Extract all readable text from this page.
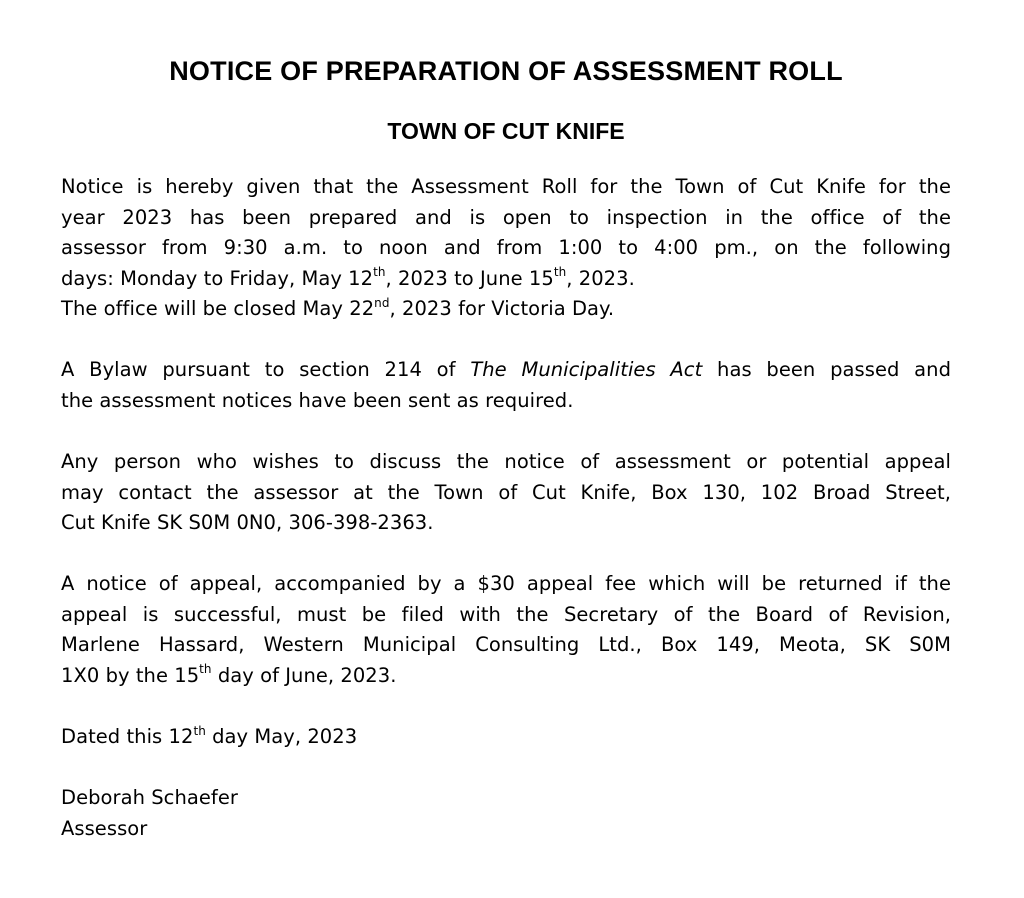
NOTICE OF PREPARATION OF ASSESSMENT ROLL
TOWN OF CUT KNIFE
Notice is hereby given that the Assessment Roll for the Town of Cut Knife for the
year 2023 has been prepared and is open to inspection in the office of the
assessor from 9:30 a.m. to noon and from 1:00 to 4:00 pm., on the following
days: Monday to Friday, May 12th, 2023 to June 15th, 2023.
The office will be closed May 22nd, 2023 for Victoria Day.
A Bylaw pursuant to section 214 of The Municipalities Act has been passed and
the assessment notices have been sent as required.
Any person who wishes to discuss the notice of assessment or potential appeal
may contact the assessor at the Town of Cut Knife, Box 130, 102 Broad Street,
Cut Knife SK S0M 0N0, 306-398-2363.
A notice of appeal, accompanied by a $30 appeal fee which will be returned if the
appeal is successful, must be filed with the Secretary of the Board of Revision,
Marlene Hassard, Western Municipal Consulting Ltd., Box 149, Meota, SK S0M
1X0 by the 15th day of June, 2023.
Dated this 12th day May, 2023
Deborah Schaefer
Assessor
